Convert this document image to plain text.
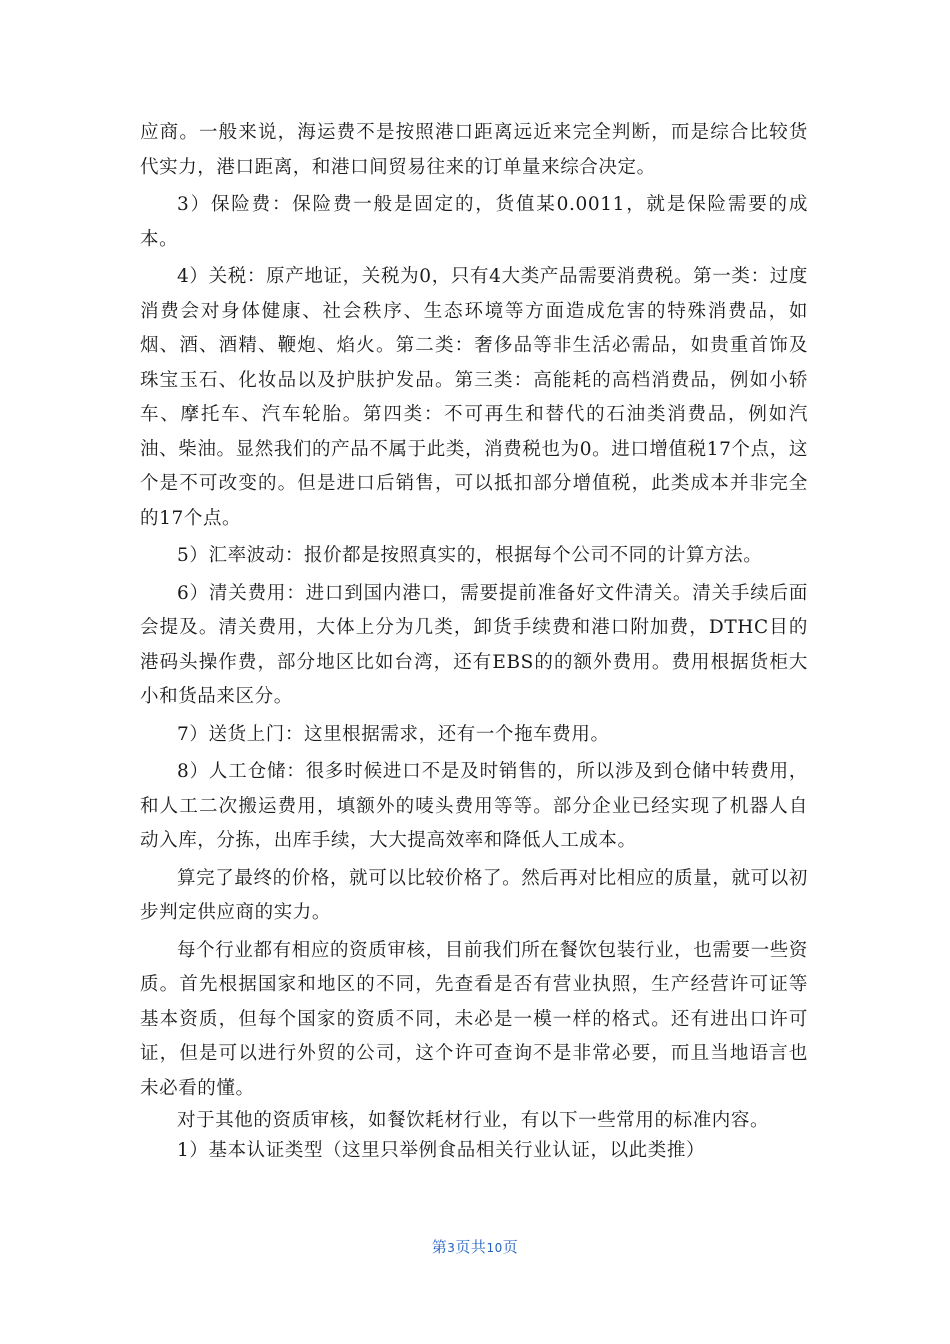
应商。一般来说，海运费不是按照港口距离远近来完全判断，而是综合比较货代实力，港口距离，和港口间贸易往来的订单量来综合决定。

3）保险费：保险费一般是固定的，货值某0.0011，就是保险需要的成本。

4）关税：原产地证，关税为0，只有4大类产品需要消费税。第一类：过度消费会对身体健康、社会秩序、生态环境等方面造成危害的特殊消费品，如烟、酒、酒精、鞭炮、焰火。第二类：奢侈品等非生活必需品，如贵重首饰及珠宝玉石、化妆品以及护肤护发品。第三类：高能耗的高档消费品，例如小轿车、摩托车、汽车轮胎。第四类：不可再生和替代的石油类消费品，例如汽油、柴油。显然我们的产品不属于此类，消费税也为0。进口增值税17个点，这个是不可改变的。但是进口后销售，可以抵扣部分增值税，此类成本并非完全的17个点。

5）汇率波动：报价都是按照真实的，根据每个公司不同的计算方法。

6）清关费用：进口到国内港口，需要提前准备好文件清关。清关手续后面会提及。清关费用，大体上分为几类，卸货手续费和港口附加费，DTHC目的港码头操作费，部分地区比如台湾，还有EBS的的额外费用。费用根据货柜大小和货品来区分。

7）送货上门：这里根据需求，还有一个拖车费用。

8）人工仓储：很多时候进口不是及时销售的，所以涉及到仓储中转费用，和人工二次搬运费用，填额外的唛头费用等等。部分企业已经实现了机器人自动入库，分拣，出库手续，大大提高效率和降低人工成本。

算完了最终的价格，就可以比较价格了。然后再对比相应的质量，就可以初步判定供应商的实力。

每个行业都有相应的资质审核，目前我们所在餐饮包装行业，也需要一些资质。首先根据国家和地区的不同，先查看是否有营业执照，生产经营许可证等基本资质，但每个国家的资质不同，未必是一模一样的格式。还有进出口许可证，但是可以进行外贸的公司，这个许可查询不是非常必要，而且当地语言也未必看的懂。

对于其他的资质审核，如餐饮耗材行业，有以下一些常用的标准内容。

1）基本认证类型（这里只举例食品相关行业认证，以此类推）

第3页共10页
